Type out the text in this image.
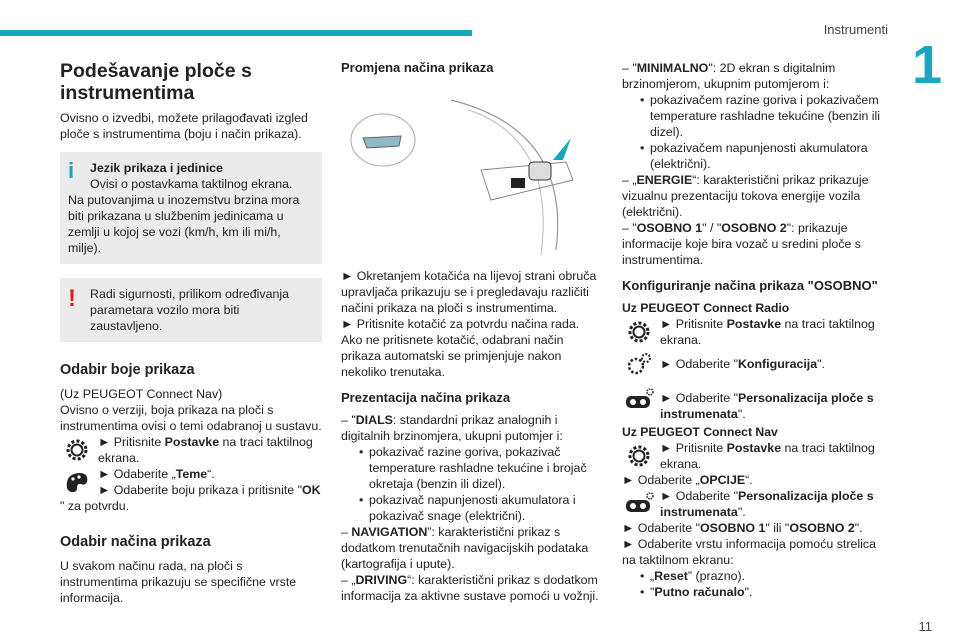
Instrumenti
1
Podešavanje ploče s instrumentima

Ovisno o izvedbi, možete prilagođavati izgled ploče s instrumentima (boju i način prikaza).

i	Jezik prikaza i jedinice
Ovisi o postavkama taktilnog ekrana.
Na putovanjima u inozemstvu brzina mora biti prikazana u službenim jedinicama u zemlji u kojoj se vozi (km/h, km ili mi/h, milje).
!	Radi sigurnosti, prilikom određivanja parametara vozilo mora biti zaustavljeno.
Odabir boje prikaza

(Uz PEUGEOT Connect Nav)

Ovisno o verziji, boja prikaza na ploči s instrumentima ovisi o temi odabranoj u sustavu.

► Pritisnite Postavke na traci taktilnog ekrana.
► Odaberite „Teme“.
► Odaberite boju prikaza i pritisnite "OK

" za potvrdu.

Odabir načina prikaza

U svakom načinu rada, na ploči s instrumentima prikazuju se specifične vrste informacija.

Promjena načina prikaza

► Okretanjem kotačića na lijevoj strani obruča upravljača prikazuju se i pregledavaju različiti načini prikaza na ploči s instrumentima.

► Pritisnite kotačić za potvrdu načina rada.

Ako ne pritisnete kotačić, odabrani način prikaza automatski se primjenjuje nakon nekoliko trenutaka.

Prezentacija načina prikaza

– "DIALS: standardni prikaz analognih i digitalnih brzinomjera, ukupni putomjer i:

• pokazivač razine goriva, pokazivač temperature rashladne tekućine i brojač okretaja (benzin ili dizel).
• pokazivač napunjenosti akumulatora i pokazivač snage (električni).

– NAVIGATION”: karakteristični prikaz s dodatkom trenutačnih navigacijskih podataka (kartografija i upute).

– „DRIVING“: karakteristični prikaz s dodatkom informacija za aktivne sustave pomoći u vožnji.

– "MINIMALNO": 2D ekran s digitalnim brzinomjerom, ukupnim putomjerom i:

• pokazivačem razine goriva i pokazivačem temperature rashladne tekućine (benzin ili dizel).
• pokazivačem napunjenosti akumulatora (električni).

– „ENERGIE“: karakteristični prikaz prikazuje vizualnu prezentaciju tokova energije vozila (električni).

– "OSOBNO 1" / "OSOBNO 2": prikazuje informacije koje bira vozač u sredini ploče s instrumentima.

Konfiguriranje načina prikaza "OSOBNO"
Uz PEUGEOT Connect Radio
► Pritisnite Postavke na traci taktilnog ekrana.
► Odaberite "Konfiguracija".
► Odaberite "Personalizacija ploče s instrumenata".
Uz PEUGEOT Connect Nav
► Pritisnite Postavke na traci taktilnog ekrana.

► Odaberite „OPCIJE“.

► Odaberite "Personalizacija ploče s instrumenata".

► Odaberite "OSOBNO 1" ili "OSOBNO 2".

► Odaberite vrstu informacija pomoću strelica na taktilnom ekranu:

• „Reset” (prazno).
• "Putno računalo".
11
